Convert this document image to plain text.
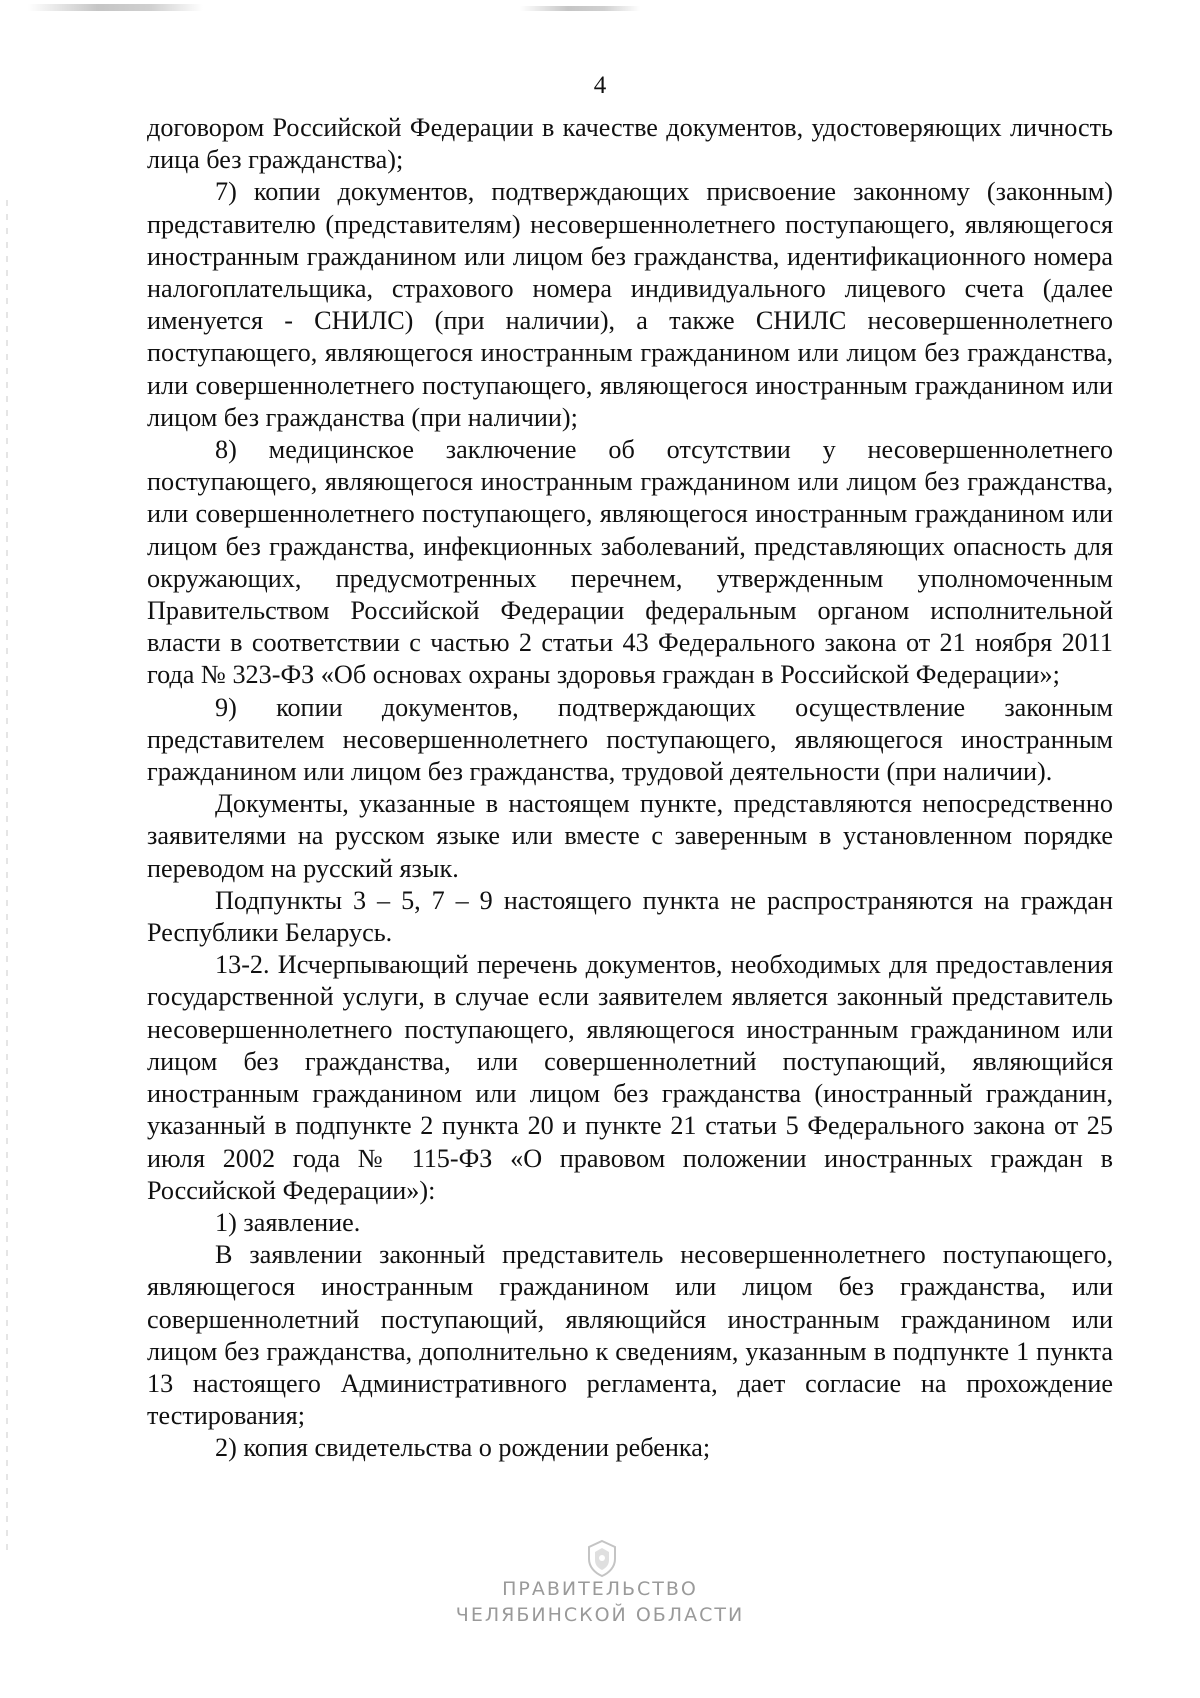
4

договором Российской Федерации в качестве документов, удостоверяющих личность лица без гражданства);

7) копии документов, подтверждающих присвоение законному (законным) представителю (представителям) несовершеннолетнего поступающего, являющегося иностранным гражданином или лицом без гражданства, идентификационного номера налогоплательщика, страхового номера индивидуального лицевого счета (далее именуется - СНИЛС) (при наличии), а также СНИЛС несовершеннолетнего поступающего, являющегося иностранным гражданином или лицом без гражданства, или совершеннолетнего поступающего, являющегося иностранным гражданином или лицом без гражданства (при наличии);

8) медицинское заключение об отсутствии у несовершеннолетнего поступающего, являющегося иностранным гражданином или лицом без гражданства, или совершеннолетнего поступающего, являющегося иностранным гражданином или лицом без гражданства, инфекционных заболеваний, представляющих опасность для окружающих, предусмотренных перечнем, утвержденным уполномоченным Правительством Российской Федерации федеральным органом исполнительной власти в соответствии с частью 2 статьи 43 Федерального закона от 21 ноября 2011 года № 323-ФЗ «Об основах охраны здоровья граждан в Российской Федерации»;

9) копии документов, подтверждающих осуществление законным представителем несовершеннолетнего поступающего, являющегося иностранным гражданином или лицом без гражданства, трудовой деятельности (при наличии).

Документы, указанные в настоящем пункте, представляются непосредственно заявителями на русском языке или вместе с заверенным в установленном порядке переводом на русский язык.

Подпункты 3 – 5, 7 – 9 настоящего пункта не распространяются на граждан Республики Беларусь.

13-2. Исчерпывающий перечень документов, необходимых для предоставления государственной услуги, в случае если заявителем является законный представитель несовершеннолетнего поступающего, являющегося иностранным гражданином или лицом без гражданства, или совершеннолетний поступающий, являющийся иностранным гражданином или лицом без гражданства (иностранный гражданин, указанный в подпункте 2 пункта 20 и пункте 21 статьи 5 Федерального закона от 25 июля 2002 года № 115-ФЗ «О правовом положении иностранных граждан в Российской Федерации»):

1) заявление.

В заявлении законный представитель несовершеннолетнего поступающего, являющегося иностранным гражданином или лицом без гражданства, или совершеннолетний поступающий, являющийся иностранным гражданином или лицом без гражданства, дополнительно к сведениям, указанным в подпункте 1 пункта 13 настоящего Административного регламента, дает согласие на прохождение тестирования;

2) копия свидетельства о рождении ребенка;

ПРАВИТЕЛЬСТВО
ЧЕЛЯБИНСКОЙ ОБЛАСТИ
